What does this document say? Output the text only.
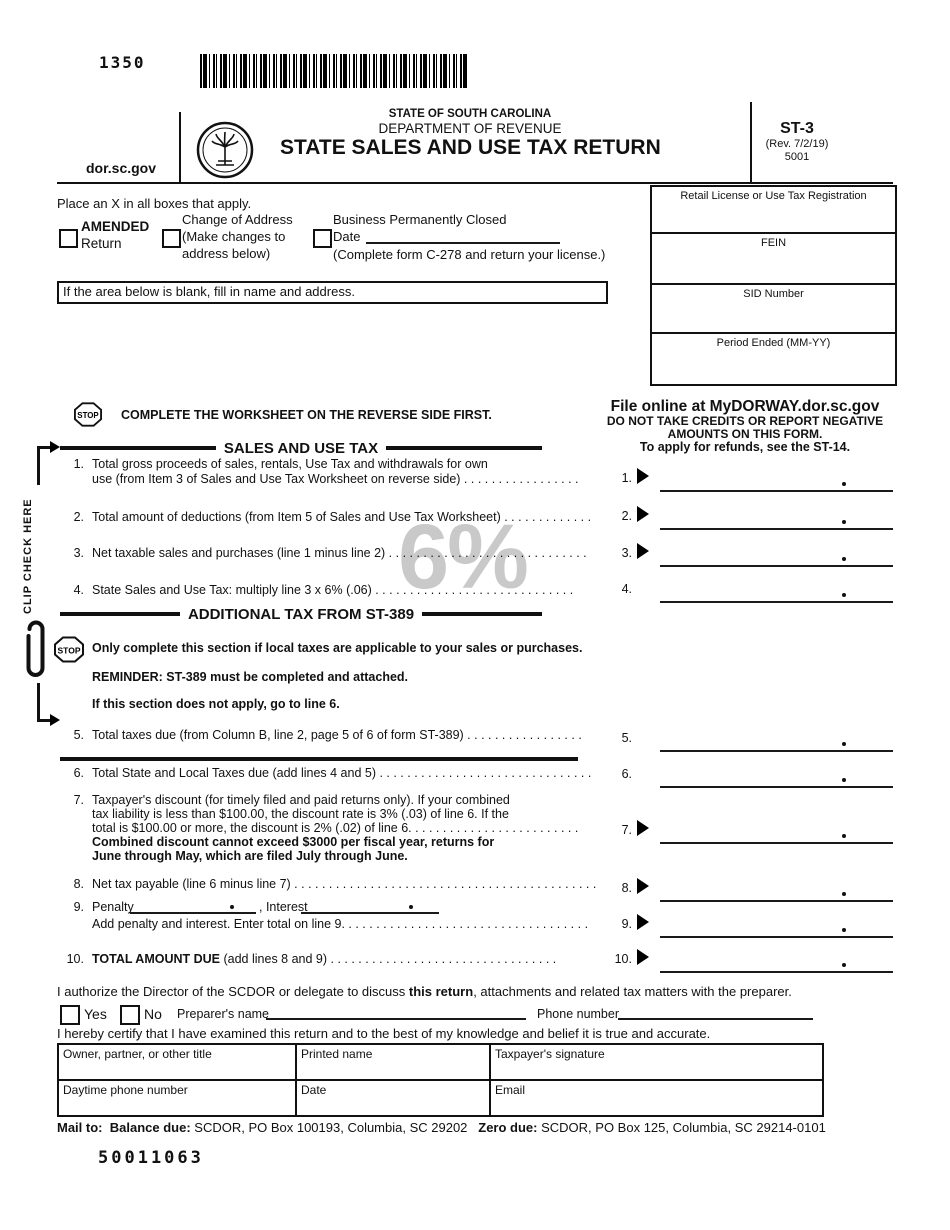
6%
1350
dor.sc.gov
STATE OF SOUTH CAROLINA
DEPARTMENT OF REVENUE
STATE SALES AND USE TAX RETURN
ST-3
(Rev. 7/2/19)
5001
Retail License or Use Tax Registration
FEIN
SID Number
Period Ended (MM-YY)
Place an X in all boxes that apply.
AMENDED
Return
Change of Address
(Make changes to
address below)
Business Permanently Closed
Date
(Complete form C-278 and return your license.)
If the area below is blank, fill in name and address.
STOP COMPLETE THE WORKSHEET ON THE REVERSE SIDE FIRST.	File online at MyDORWAY.dor.sc.gov
DO NOT TAKE CREDITS OR REPORT NEGATIVE
AMOUNTS ON THIS FORM.
To apply for refunds, see the ST-14.
SALES AND USE TAX
CLIP CHECK HERE
1. Total gross proceeds of sales, rentals, Use Tax and withdrawals for own
use (from Item 3 of Sales and Use Tax Worksheet on reverse side) . . . . . . . . . . . . . . . . .	1.
2. Total amount of deductions (from Item 5 of Sales and Use Tax Worksheet) . . . . . . . . . . . . .	2.
3. Net taxable sales and purchases (line 1 minus line 2) . . . . . . . . . . . . . . . . . . . . . . . . . . . . .	3.
4. State Sales and Use Tax: multiply line 3 x 6% (.06) . . . . . . . . . . . . . . . . . . . . . . . . . . . . .	4.
ADDITIONAL TAX FROM ST-389
STOP Only complete this section if local taxes are applicable to your sales or purchases.
REMINDER: ST-389 must be completed and attached.
If this section does not apply, go to line 6.
5. Total taxes due (from Column B, line 2, page 5 of 6 of form ST-389) . . . . . . . . . . . . . . . . .	5.
6. Total State and Local Taxes due (add lines 4 and 5) . . . . . . . . . . . . . . . . . . . . . . . . . . . . . . .	6.
7. Taxpayer's discount (for timely filed and paid returns only). If your combined
tax liability is less than $100.00, the discount rate is 3% (.03) of line 6. If the
total is $100.00 or more, the discount is 2% (.02) of line 6. . . . . . . . . . . . . . . . . . . . . . . . .
Combined discount cannot exceed $3000 per fiscal year, returns for
June through May, which are filed July through June.
7.
8. Net tax payable (line 6 minus line 7) . . . . . . . . . . . . . . . . . . . . . . . . . . . . . . . . . . . . . . . . . . . .	8.
9. Penalty	, Interest
Add penalty and interest. Enter total on line 9. . . . . . . . . . . . . . . . . . . . . . . . . . . . . . . . . . . .	9.
10. TOTAL AMOUNT DUE (add lines 8 and 9) . . . . . . . . . . . . . . . . . . . . . . . . . . . . . . . . .	10.
I authorize the Director of the SCDOR or delegate to discuss this return, attachments and related tax matters with the preparer.
Yes	No Preparer's name	Phone number
I hereby certify that I have examined this return and to the best of my knowledge and belief it is true and accurate.
Owner, partner, or other title	Printed name	Taxpayer's signature
Daytime phone number	Date	Email
Mail to: Balance due: SCDOR, PO Box 100193, Columbia, SC 29202 Zero due: SCDOR, PO Box 125, Columbia, SC 29214-0101
50011063
